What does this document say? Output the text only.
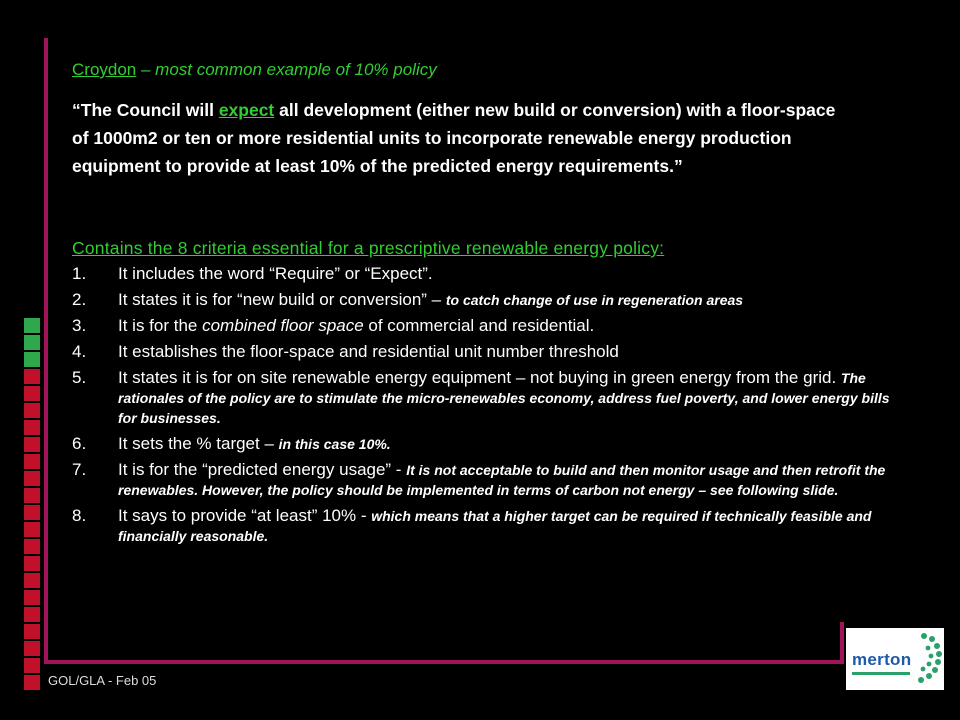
Croydon – most common example of 10% policy
“The Council will expect all development (either new build or conversion) with a floor-space of 1000m2 or ten or more residential units to incorporate renewable energy production equipment to provide at least 10% of the predicted energy requirements.”
Contains the 8 criteria essential for a prescriptive renewable energy policy:
1. It includes the word “Require” or “Expect”.
2. It states it is for “new build or conversion” – to catch change of use in regeneration areas
3. It is for the combined floor space of commercial and residential.
4. It establishes the floor-space and residential unit number threshold
5. It states it is for on site renewable energy equipment – not buying in green energy from the grid. The rationales of the policy are to stimulate the micro-renewables economy, address fuel poverty, and lower energy bills for businesses.
6. It sets the % target – in this case 10%.
7. It is for the “predicted energy usage” - It is not acceptable to build and then monitor usage and then retrofit the renewables. However, the policy should be implemented in terms of carbon not energy – see following slide.
8. It says to provide “at least” 10% - which means that a higher target can be required if technically feasible and financially reasonable.
GOL/GLA - Feb 05
merton
